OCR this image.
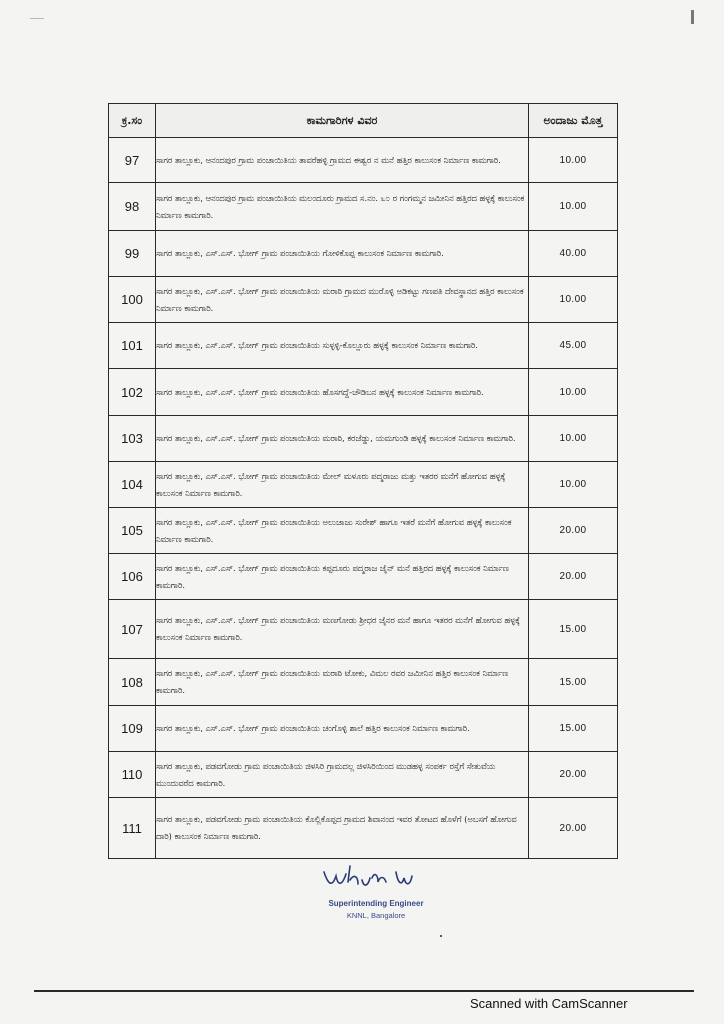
ಕ್ರ.ಸಂ	ಕಾಮಗಾರಿಗಳ ವಿವರ	ಅಂದಾಜು ಮೊತ್ತ
97	ಸಾಗರ ತಾಲ್ಲೂಕು, ಆನಂದಪುರ ಗ್ರಾಮ ಪಂಚಾಯಿತಿಯ ತಾವರೆಹಳ್ಳಿ ಗ್ರಾಮದ ಈಶ್ವರ ನ ಮನೆ ಹತ್ತಿರ ಕಾಲುಸಂಕ ನಿರ್ಮಾಣ ಕಾಮಗಾರಿ.	10.00
98	ಸಾಗರ ತಾಲ್ಲೂಕು, ಆನಂದಪುರ ಗ್ರಾಮ ಪಂಚಾಯಿತಿಯ ಮಲಂದೂರು ಗ್ರಾಮದ ಸ.ನಂ. ೬೦ ರ ಗಂಗಮ್ಮನ ಜಮೀನಿನ ಹತ್ತಿರದ ಹಳ್ಳಕ್ಕೆ ಕಾಲುಸಂಕ ನಿರ್ಮಾಣ ಕಾಮಗಾರಿ.	10.00
99	ಸಾಗರ ತಾಲ್ಲೂಕು, ಎಸ್.ಎಸ್. ಭೋಗ್ ಗ್ರಾಮ ಪಂಚಾಯಿತಿಯ ಗೋಳಿಕೊಪ್ಪ ಕಾಲುಸಂಕ ನಿರ್ಮಾಣ ಕಾಮಗಾರಿ.	40.00
100	ಸಾಗರ ತಾಲ್ಲೂಕು, ಎಸ್.ಎಸ್. ಭೋಗ್ ಗ್ರಾಮ ಪಂಚಾಯಿತಿಯ ಮರಾಠಿ ಗ್ರಾಮದ ಮುರೊಳ್ಳಿ ಅಡಿಕಟ್ಟು ಗಣಪತಿ ದೇವಸ್ಥಾನದ ಹತ್ತಿರ ಕಾಲುಸಂಕ ನಿರ್ಮಾಣ ಕಾಮಗಾರಿ.	10.00
101	ಸಾಗರ ತಾಲ್ಲೂಕು, ಎಸ್.ಎಸ್. ಭೋಗ್ ಗ್ರಾಮ ಪಂಚಾಯಿತಿಯ ಸುಳ್ಳಳ್ಳಿ-ಕೊಲ್ಲೂರು ಹಳ್ಳಕ್ಕೆ ಕಾಲುಸಂಕ ನಿರ್ಮಾಣ ಕಾಮಗಾರಿ.	45.00
102	ಸಾಗರ ತಾಲ್ಲೂಕು, ಎಸ್.ಎಸ್. ಭೋಗ್ ಗ್ರಾಮ ಪಂಚಾಯಿತಿಯ ಹೊಸಗದ್ದೆ-ಚೌಡಿಬನ ಹಳ್ಳಕ್ಕೆ ಕಾಲುಸಂಕ ನಿರ್ಮಾಣ ಕಾಮಗಾರಿ.	10.00
103	ಸಾಗರ ತಾಲ್ಲೂಕು, ಎಸ್.ಎಸ್. ಭೋಗ್ ಗ್ರಾಮ ಪಂಚಾಯಿತಿಯ ಮರಾಠಿ, ಕರಜೆಡ್ಡು, ಯಮಗುಂಡಿ ಹಳ್ಳಕ್ಕೆ ಕಾಲುಸಂಕ ನಿರ್ಮಾಣ ಕಾಮಗಾರಿ.	10.00
104	ಸಾಗರ ತಾಲ್ಲೂಕು, ಎಸ್.ಎಸ್. ಭೋಗ್ ಗ್ರಾಮ ಪಂಚಾಯಿತಿಯ ಮೇಲ್ ಮಳೂರು ಪದ್ಮರಾಜು ಮತ್ತು ಇತರರ ಮನೆಗೆ ಹೋಗುವ ಹಳ್ಳಕ್ಕೆ ಕಾಲುಸಂಕ ನಿರ್ಮಾಣ ಕಾಮಗಾರಿ.	10.00
105	ಸಾಗರ ತಾಲ್ಲೂಕು, ಎಸ್.ಎಸ್. ಭೋಗ್ ಗ್ರಾಮ ಪಂಚಾಯಿತಿಯ ಅಲುಜಾಜು ಸುರೇಶ್ ಹಾಗೂ ಇತರೆ ಮನೆಗೆ ಹೋಗುವ ಹಳ್ಳಕ್ಕೆ ಕಾಲುಸಂಕ ನಿರ್ಮಾಣ ಕಾಮಗಾರಿ.	20.00
106	ಸಾಗರ ತಾಲ್ಲೂಕು, ಎಸ್.ಎಸ್. ಭೋಗ್ ಗ್ರಾಮ ಪಂಚಾಯಿತಿಯ ಕಪ್ಪದೂರು ಪದ್ಮರಾಜ ಜೈನ್ ಮನೆ ಹತ್ತಿರದ ಹಳ್ಳಕ್ಕೆ ಕಾಲುಸಂಕ ನಿರ್ಮಾಣ ಕಾಮಗಾರಿ.	20.00
107	ಸಾಗರ ತಾಲ್ಲೂಕು, ಎಸ್.ಎಸ್. ಭೋಗ್ ಗ್ರಾಮ ಪಂಚಾಯಿತಿಯ ಮಣಗೋಡು ಶ್ರೀಧರ ಜೈನರ ಮನೆ ಹಾಗೂ ಇತರರ ಮನೆಗೆ ಹೋಗುವ ಹಳ್ಳಕ್ಕೆ ಕಾಲುಸಂಕ ನಿರ್ಮಾಣ ಕಾಮಗಾರಿ.	15.00
108	ಸಾಗರ ತಾಲ್ಲೂಕು, ಎಸ್.ಎಸ್. ಭೋಗ್ ಗ್ರಾಮ ಪಂಚಾಯಿತಿಯ ಮರಾಠಿ ಟೋಕು, ವಿಮಲ ರವರ ಜಮೀನಿನ ಹತ್ತಿರ ಕಾಲುಸಂಕ ನಿರ್ಮಾಣ ಕಾಮಗಾರಿ.	15.00
109	ಸಾಗರ ತಾಲ್ಲೂಕು, ಎಸ್.ಎಸ್. ಭೋಗ್ ಗ್ರಾಮ ಪಂಚಾಯಿತಿಯ ಚಂಗೊಳ್ಳಿ ಶಾಲೆ ಹತ್ತಿರ ಕಾಲುಸಂಕ ನಿರ್ಮಾಣ ಕಾಮಗಾರಿ.	15.00
110	ಸಾಗರ ತಾಲ್ಲೂಕು, ಪಡವಗೋಡು ಗ್ರಾಮ ಪಂಚಾಯಿತಿಯ ಜಿಳಸಿರಿ ಗ್ರಾಮದಲ್ಲ ಜಿಳಸಿರಿಯಿಂದ ಮುಡಹಳ್ಳ ಸಂಪರ್ಕ ರಸ್ತೆಗೆ ಸೇತುವೆಯ ಮುಂದುವರೆದ ಕಾಮಗಾರಿ.	20.00
111	ಸಾಗರ ತಾಲ್ಲೂಕು, ಪಡವಗೋಡು ಗ್ರಾಮ ಪಂಚಾಯಿತಿಯ ಕೊಲ್ಲಿಕೊಪ್ಪದ ಗ್ರಾಮದ ಶಿವಾನಂದ ಇವರ ತೋಟದ ಹೊಳೆಗೆ (ಅಬಸಗೆ ಹೋಗುವ ದಾರಿ) ಕಾಲುಸಂಕ ನಿರ್ಮಾಣ ಕಾಮಗಾರಿ.	20.00
Superintending Engineer
KNNL, Bangalore
Scanned with CamScanner
